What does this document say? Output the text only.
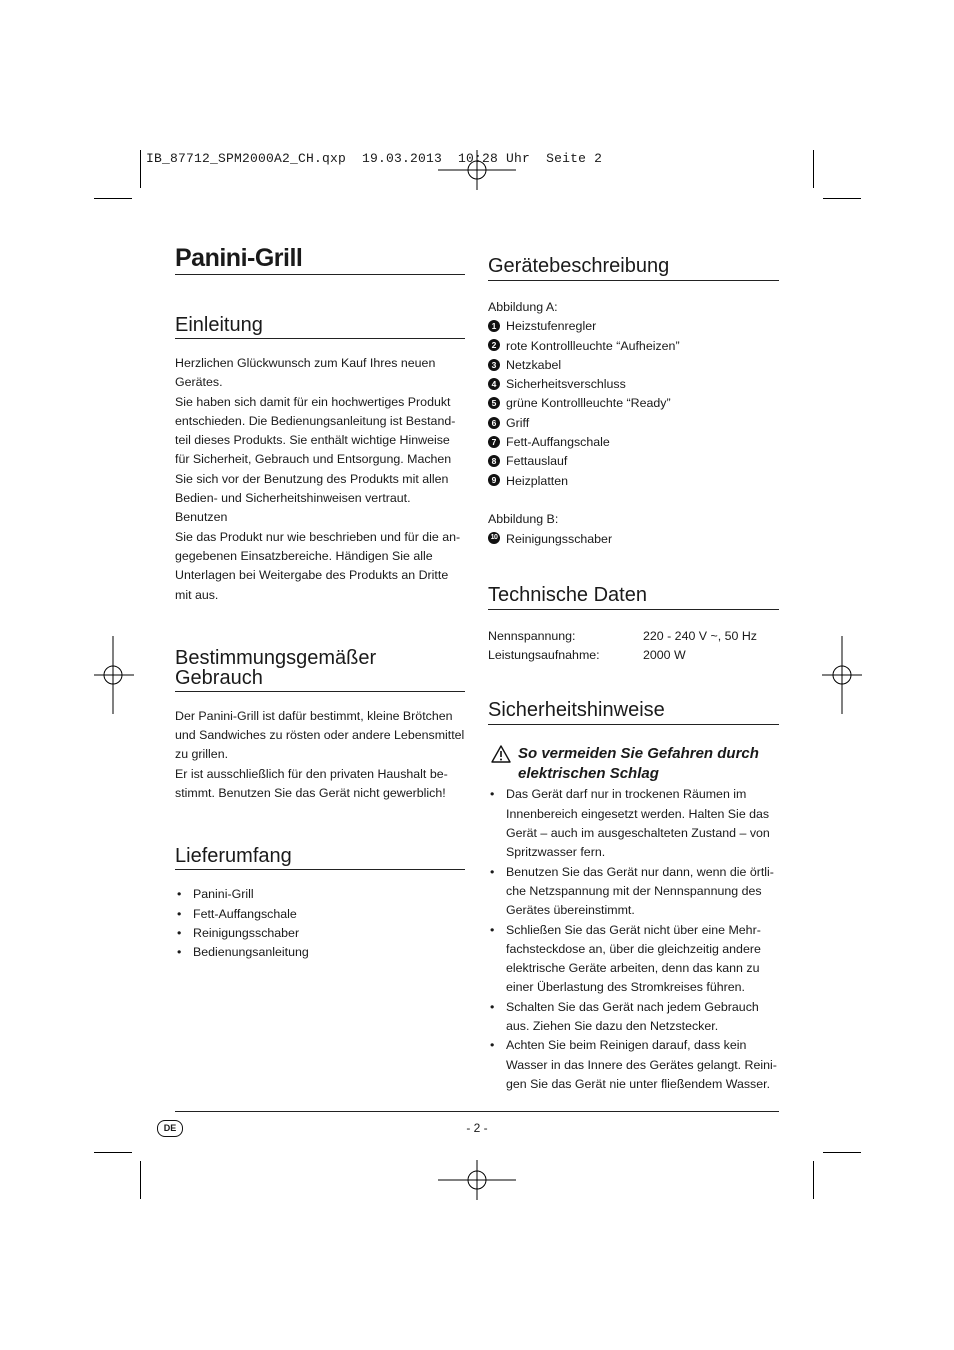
IB_87712_SPM2000A2_CH.qxp  19.03.2013  10:28 Uhr  Seite 2
Panini-Grill
Einleitung

Herzlichen Glückwunsch zum Kauf Ihres neuen

Gerätes.

Sie haben sich damit für ein hochwertiges Produkt

entschieden. Die Bedienungsanleitung ist Bestand-

teil dieses Produkts. Sie enthält wichtige Hinweise

für Sicherheit, Gebrauch und Entsorgung. Machen

Sie sich vor der Benutzung des Produkts mit allen

Bedien- und Sicherheitshinweisen vertraut. Benutzen

Sie das Produkt nur wie beschrieben und für die an-

gegebenen Einsatzbereiche. Händigen Sie alle

Unterlagen bei Weitergabe des Produkts an Dritte

mit aus.

Bestimmungsgemäßer
Gebrauch

Der Panini-Grill ist dafür bestimmt, kleine Brötchen

und Sandwiches zu rösten oder andere Lebensmittel

zu grillen.

Er ist ausschließlich für den privaten Haushalt be-

stimmt. Benutzen Sie das Gerät nicht gewerblich!

Lieferumfang
• Panini-Grill
• Fett-Auffangschale
• Reinigungsschaber
• Bedienungsanleitung
Gerätebeschreibung

Abbildung A:

1 Heizstufenregler

2 rote Kontrollleuchte “Aufheizen”

3 Netzkabel

4 Sicherheitsverschluss

5 grüne Kontrollleuchte “Ready”

6 Griff

7 Fett-Auffangschale

8 Fettauslauf

9 Heizplatten

Abbildung B:

10 Reinigungsschaber

Technische Daten
Nennspannung:	220 - 240 V ~, 50 Hz
Leistungsaufnahme:	2000 W
Sicherheitshinweise
So vermeiden Sie Gefahren durch
elektrischen Schlag
• Das Gerät darf nur in trockenen Räumen im
Innenbereich eingesetzt werden. Halten Sie das
Gerät – auch im ausgeschalteten Zustand – von
Spritzwasser fern.
• Benutzen Sie das Gerät nur dann, wenn die örtli-
che Netzspannung mit der Nennspannung des
Gerätes übereinstimmt.
• Schließen Sie das Gerät nicht über eine Mehr-
fachsteckdose an, über die gleichzeitig andere
elektrische Geräte arbeiten, denn das kann zu
einer Überlastung des Stromkreises führen.
• Schalten Sie das Gerät nach jedem Gebrauch
aus. Ziehen Sie dazu den Netzstecker.
• Achten Sie beim Reinigen darauf, dass kein
Wasser in das Innere des Gerätes gelangt. Reini-
gen Sie das Gerät nie unter fließendem Wasser.
DE	- 2 -
